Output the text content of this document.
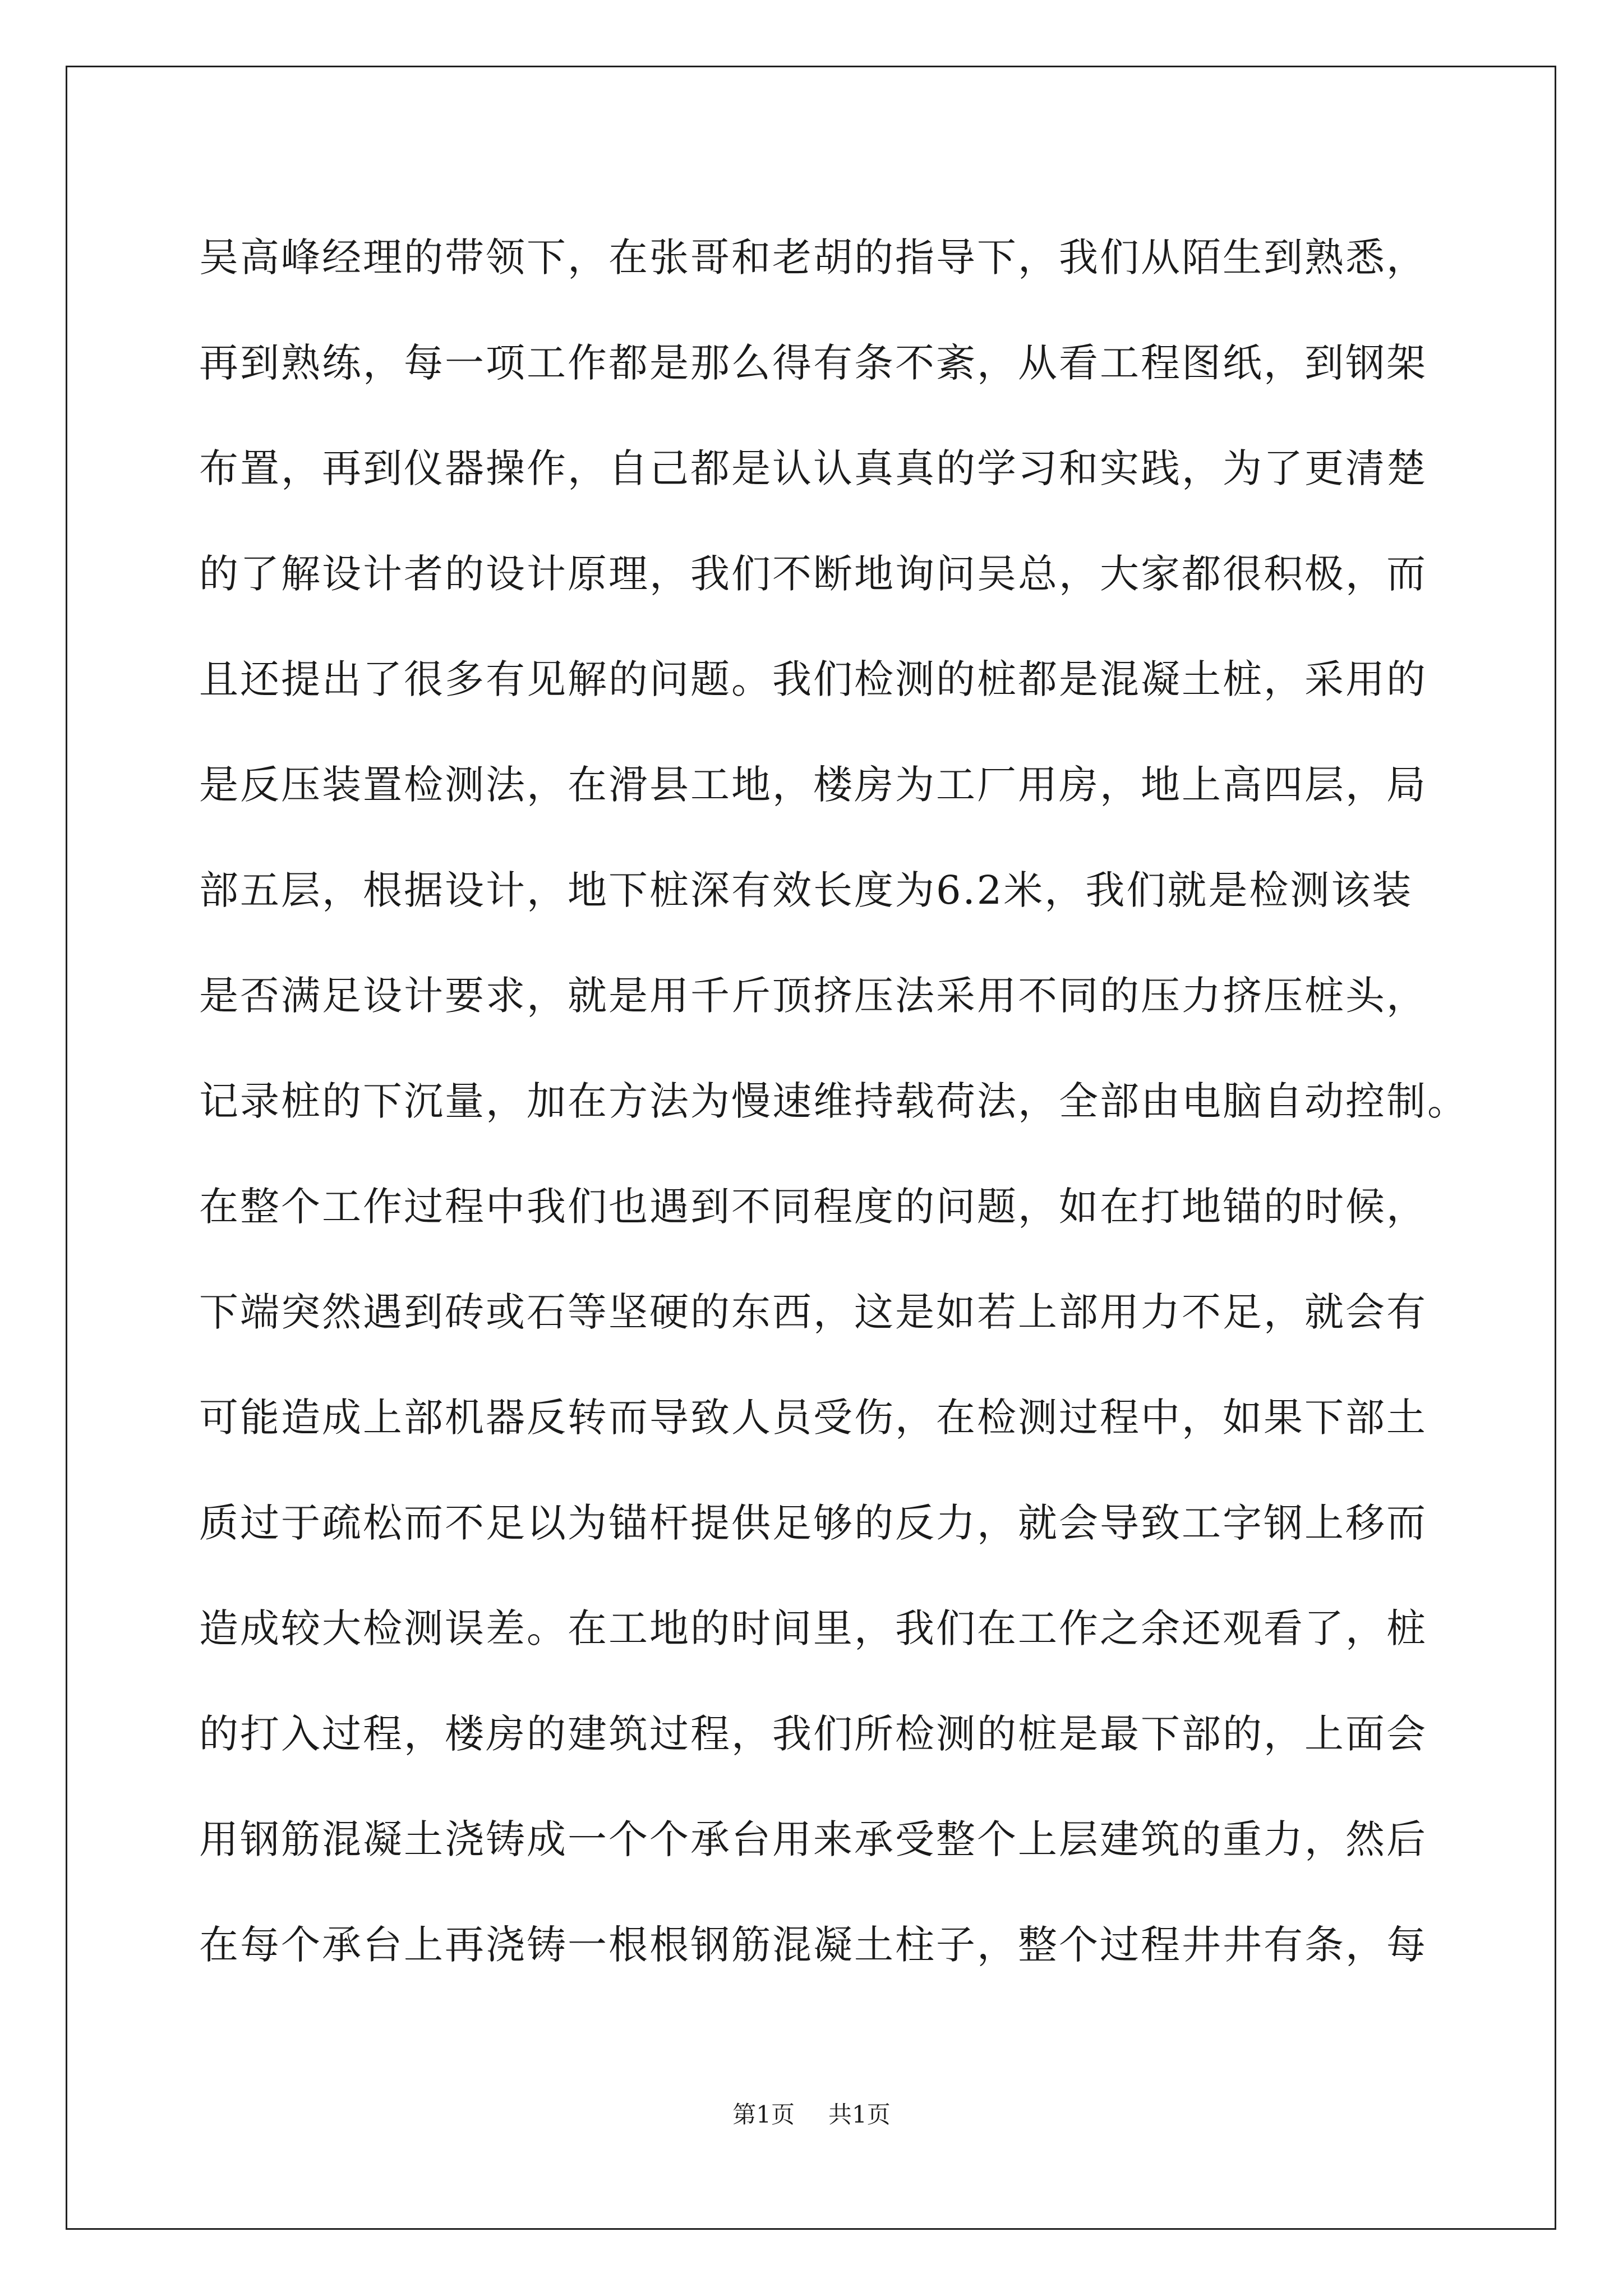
吴高峰经理的带领下，在张哥和老胡的指导下，我们从陌生到熟悉，
再到熟练，每一项工作都是那么得有条不紊，从看工程图纸，到钢架
布置，再到仪器操作，自己都是认认真真的学习和实践，为了更清楚
的了解设计者的设计原理，我们不断地询问吴总，大家都很积极，而
且还提出了很多有见解的问题。我们检测的桩都是混凝土桩，采用的
是反压装置检测法，在滑县工地，楼房为工厂用房，地上高四层，局
部五层，根据设计，地下桩深有效长度为6.2米，我们就是检测该装
是否满足设计要求，就是用千斤顶挤压法采用不同的压力挤压桩头，
记录桩的下沉量，加在方法为慢速维持载荷法，全部由电脑自动控制。
在整个工作过程中我们也遇到不同程度的问题，如在打地锚的时候，
下端突然遇到砖或石等坚硬的东西，这是如若上部用力不足，就会有
可能造成上部机器反转而导致人员受伤，在检测过程中，如果下部土
质过于疏松而不足以为锚杆提供足够的反力，就会导致工字钢上移而
造成较大检测误差。在工地的时间里，我们在工作之余还观看了，桩
的打入过程，楼房的建筑过程，我们所检测的桩是最下部的，上面会
用钢筋混凝土浇铸成一个个承台用来承受整个上层建筑的重力，然后
在每个承台上再浇铸一根根钢筋混凝土柱子，整个过程井井有条，每
第1页 共1页
